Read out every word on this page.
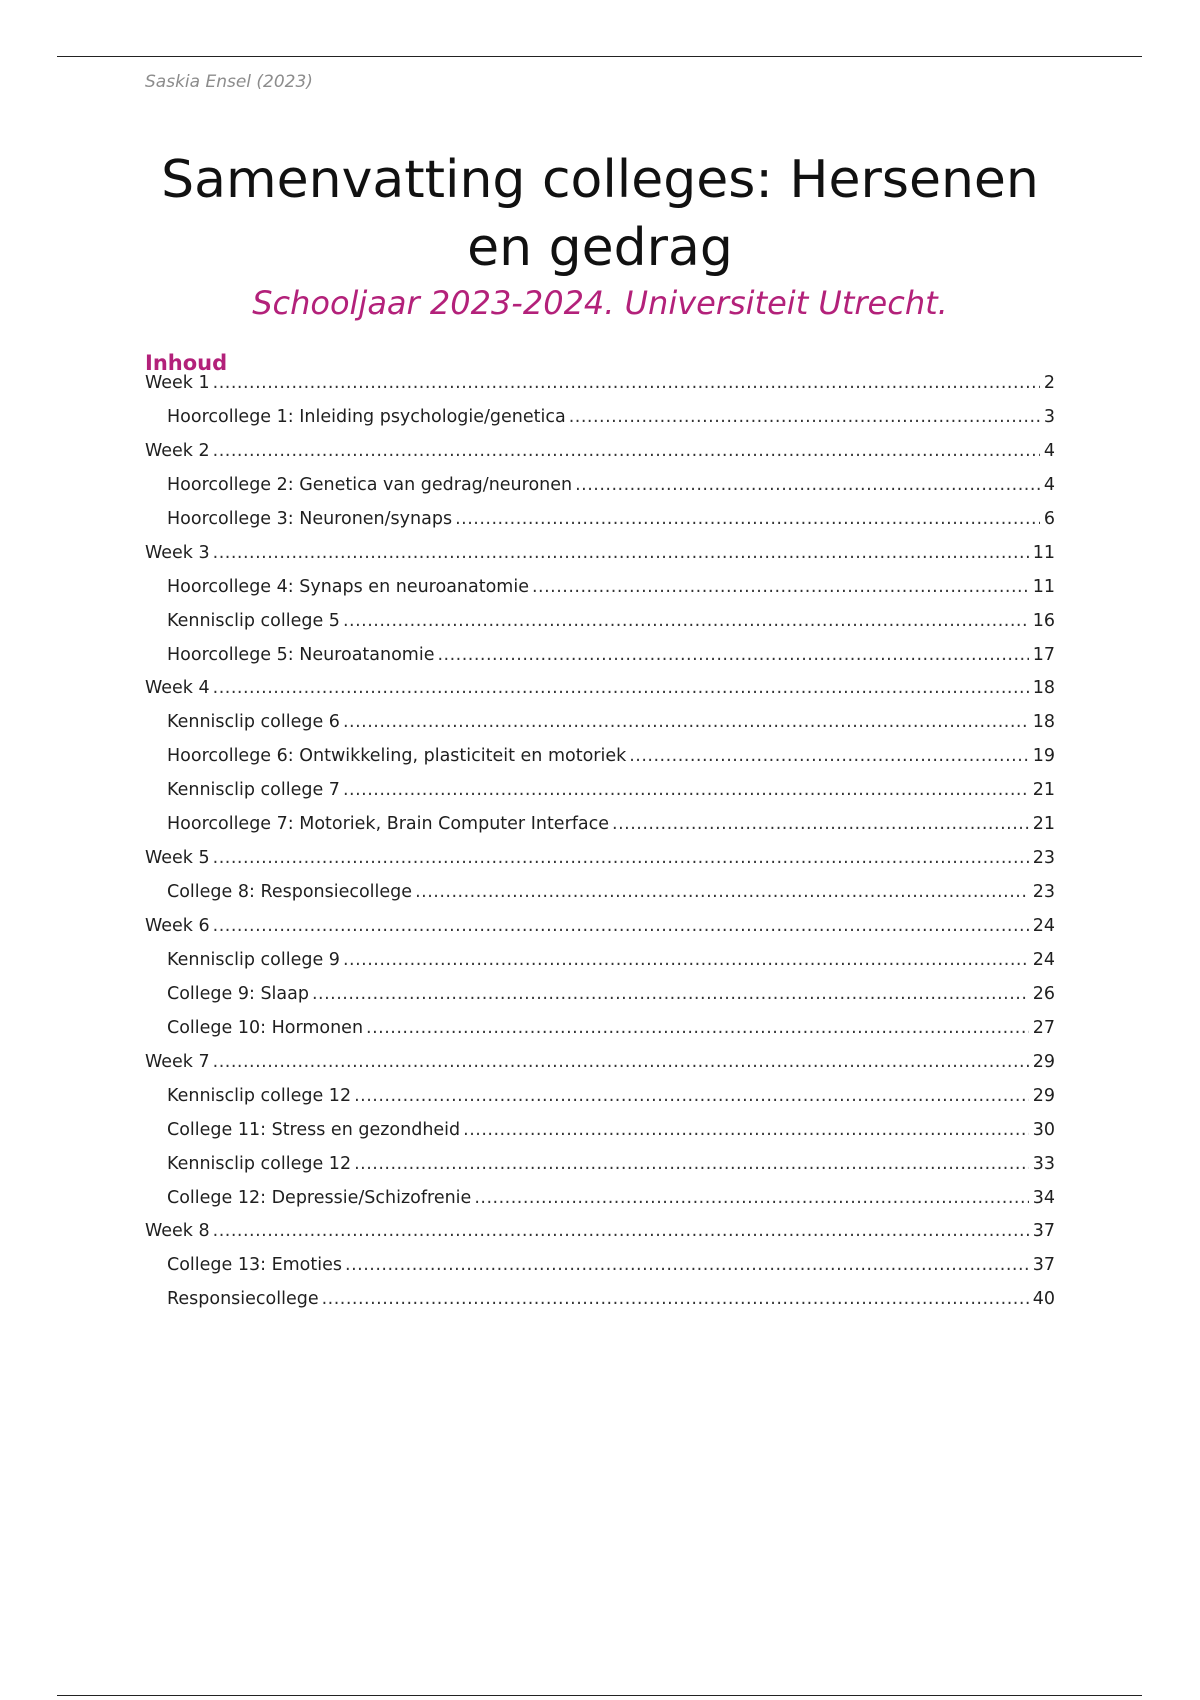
Saskia Ensel (2023)
Samenvatting colleges: Hersenen
en gedrag

Schooljaar 2023-2024. Universiteit Utrecht.

Inhoud
Week 1 .....	2
Hoorcollege 1: Inleiding psychologie/genetica .....	3
Week 2 .....	4
Hoorcollege 2: Genetica van gedrag/neuronen .....	4
Hoorcollege 3: Neuronen/synaps .....	6
Week 3 .....	11
Hoorcollege 4: Synaps en neuroanatomie .....	11
Kennisclip college 5 .....	16
Hoorcollege 5: Neuroatanomie .....	17
Week 4 .....	18
Kennisclip college 6 .....	18
Hoorcollege 6: Ontwikkeling, plasticiteit en motoriek .....	19
Kennisclip college 7 .....	21
Hoorcollege 7: Motoriek, Brain Computer Interface .....	21
Week 5 .....	23
College 8: Responsiecollege .....	23
Week 6 .....	24
Kennisclip college 9 .....	24
College 9: Slaap .....	26
College 10: Hormonen .....	27
Week 7 .....	29
Kennisclip college 12 .....	29
College 11: Stress en gezondheid .....	30
Kennisclip college 12 .....	33
College 12: Depressie/Schizofrenie .....	34
Week 8 .....	37
College 13: Emoties .....	37
Responsiecollege .....	40
